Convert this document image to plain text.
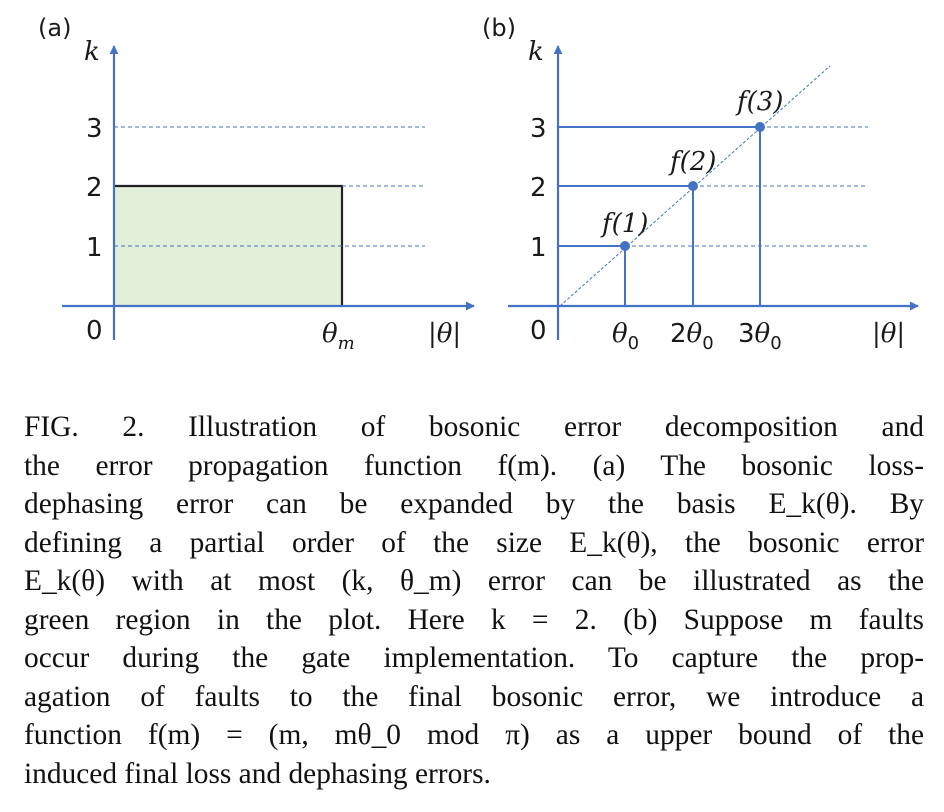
(a)
k
1
2
3
0	$\theta_m$	|θ|
(b)
k
1
2
3
0
f(1)
f(2)
f(3)
$\theta_0$ $2\theta_0$ $3\theta_0$	|θ|
FIG. 2. Illustration of bosonic error decomposition and
the error propagation function f(m). (a) The bosonic loss-
dephasing error can be expanded by the basis E_k(θ). By
defining a partial order of the size E_k(θ), the bosonic error
E_k(θ) with at most (k, θ_m) error can be illustrated as the
green region in the plot. Here k = 2. (b) Suppose m faults
occur during the gate implementation. To capture the prop-
agation of faults to the final bosonic error, we introduce a
function f(m) = (m, mθ_0 mod π) as a upper bound of the
induced final loss and dephasing errors.
